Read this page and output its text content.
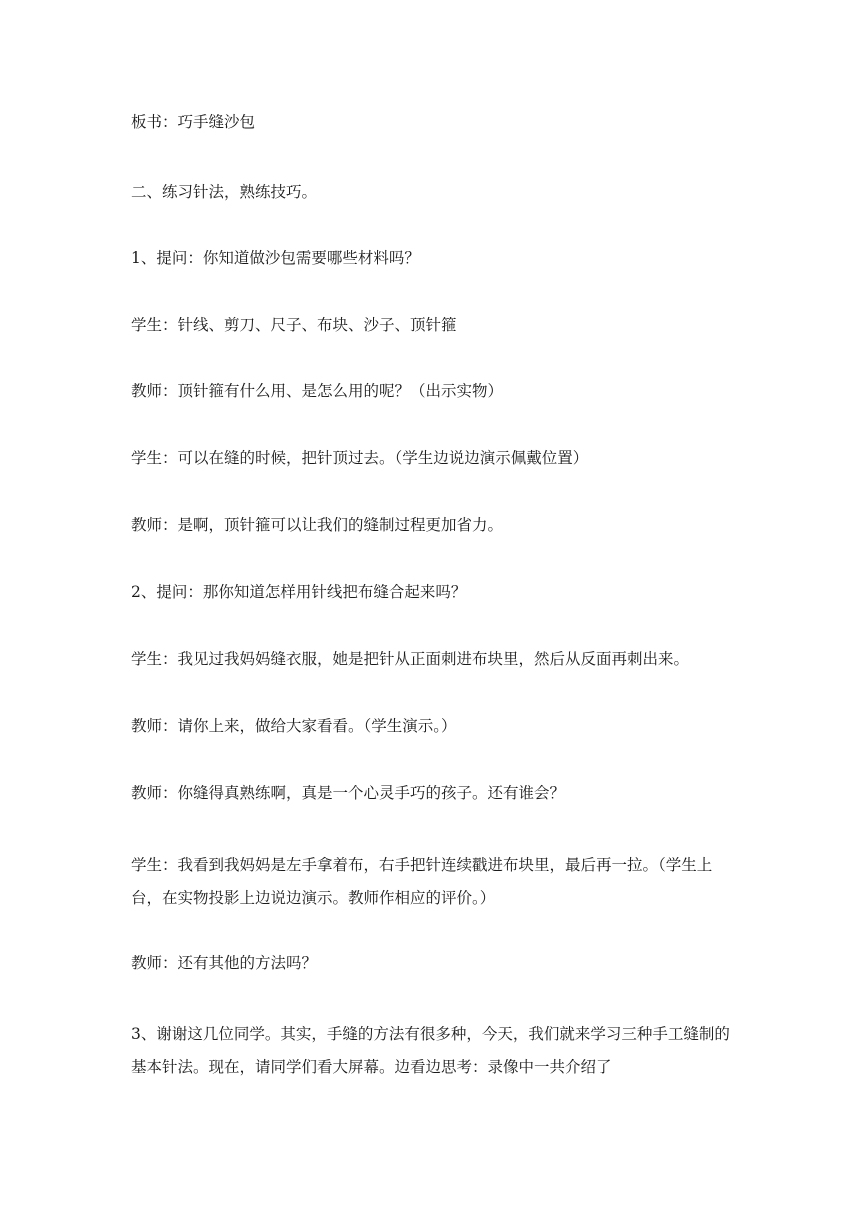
板书：巧手缝沙包

二、练习针法，熟练技巧。

1、提问：你知道做沙包需要哪些材料吗？

学生：针线、剪刀、尺子、布块、沙子、顶针箍

教师：顶针箍有什么用、是怎么用的呢？（出示实物）

学生：可以在缝的时候，把针顶过去。（学生边说边演示佩戴位置）

教师：是啊，顶针箍可以让我们的缝制过程更加省力。

2、提问：那你知道怎样用针线把布缝合起来吗？

学生：我见过我妈妈缝衣服，她是把针从正面刺进布块里，然后从反面再刺出来。

教师：请你上来，做给大家看看。（学生演示。）

教师：你缝得真熟练啊，真是一个心灵手巧的孩子。还有谁会？

学生：我看到我妈妈是左手拿着布，右手把针连续戳进布块里，最后再一拉。（学生上台，在实物投影上边说边演示。教师作相应的评价。）

教师：还有其他的方法吗？

3、谢谢这几位同学。其实，手缝的方法有很多种，今天，我们就来学习三种手工缝制的基本针法。现在，请同学们看大屏幕。边看边思考：录像中一共介绍了
